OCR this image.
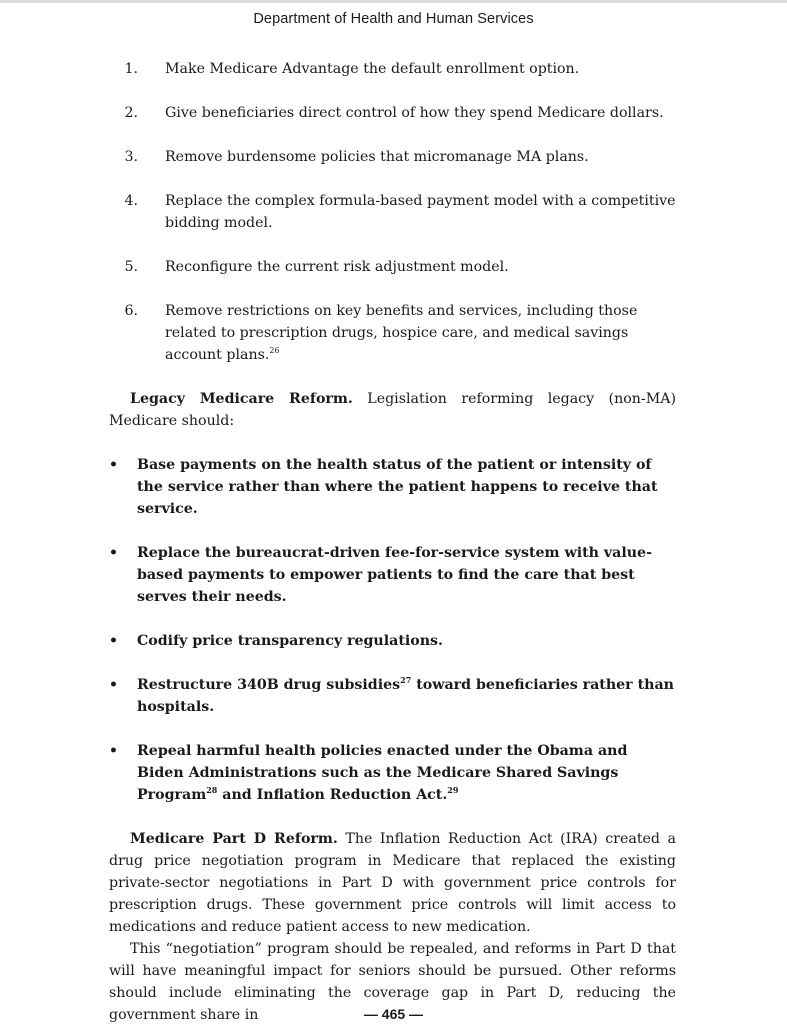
Department of Health and Human Services
1.	Make Medicare Advantage the default enrollment option.
2.	Give beneficiaries direct control of how they spend Medicare dollars.
3.	Remove burdensome policies that micromanage MA plans.
4.	Replace the complex formula-based payment model with a competitive bidding model.
5.	Reconfigure the current risk adjustment model.
6.	Remove restrictions on key benefits and services, including those related to prescription drugs, hospice care, and medical savings account plans.$^{26}$

Legacy Medicare Reform. Legislation reforming legacy (non-MA) Medicare should:

•	Base payments on the health status of the patient or intensity of the service rather than where the patient happens to receive that service.
•	Replace the bureaucrat-driven fee-for-service system with value-based payments to empower patients to find the care that best serves their needs.
•	Codify price transparency regulations.
•	Restructure 340B drug subsidies$^{27}$ toward beneficiaries rather than hospitals.
•	Repeal harmful health policies enacted under the Obama and Biden Administrations such as the Medicare Shared Savings Program$^{28}$ and Inflation Reduction Act.$^{29}$

Medicare Part D Reform. The Inflation Reduction Act (IRA) created a drug price negotiation program in Medicare that replaced the existing private-sector negotiations in Part D with government price controls for prescription drugs. These government price controls will limit access to medications and reduce patient access to new medication.

This “negotiation” program should be repealed, and reforms in Part D that will have meaningful impact for seniors should be pursued. Other reforms should include eliminating the coverage gap in Part D, reducing the government share in	— 465 —
